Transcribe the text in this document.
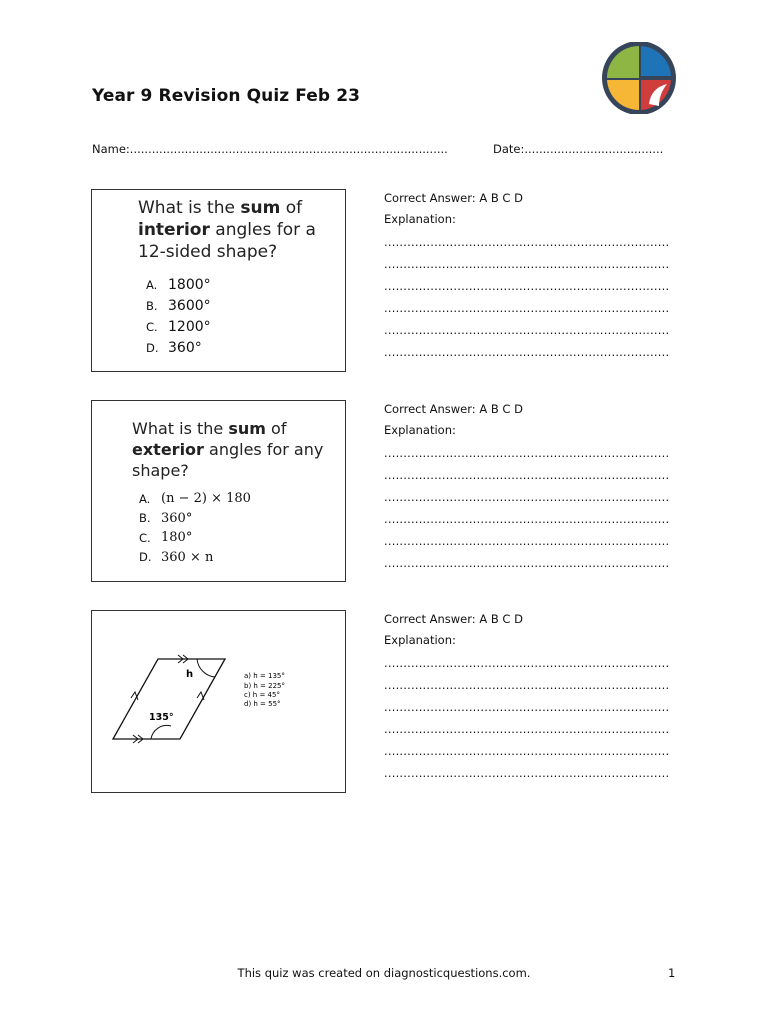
Year 9 Revision Quiz Feb 23
Name:.......................................................................................	Date:......................................
What is the sum of interior angles for a 12-sided shape?
A. 1800°
B. 3600°
C. 1200°
D. 360°
Correct Answer: A B C D
Explanation:
..........................................................................
..........................................................................
..........................................................................
..........................................................................
..........................................................................
..........................................................................
What is the sum of exterior angles for any shape?
A. (n − 2) × 180
B. 360°
C. 180°
D. 360 × n
Correct Answer: A B C D
Explanation:
..........................................................................
..........................................................................
..........................................................................
..........................................................................
..........................................................................
..........................................................................
h
135°
a) h = 135°
b) h = 225°
c) h = 45°
d) h = 55°
Correct Answer: A B C D
Explanation:
..........................................................................
..........................................................................
..........................................................................
..........................................................................
..........................................................................
..........................................................................
This quiz was created on diagnosticquestions.com.	1
